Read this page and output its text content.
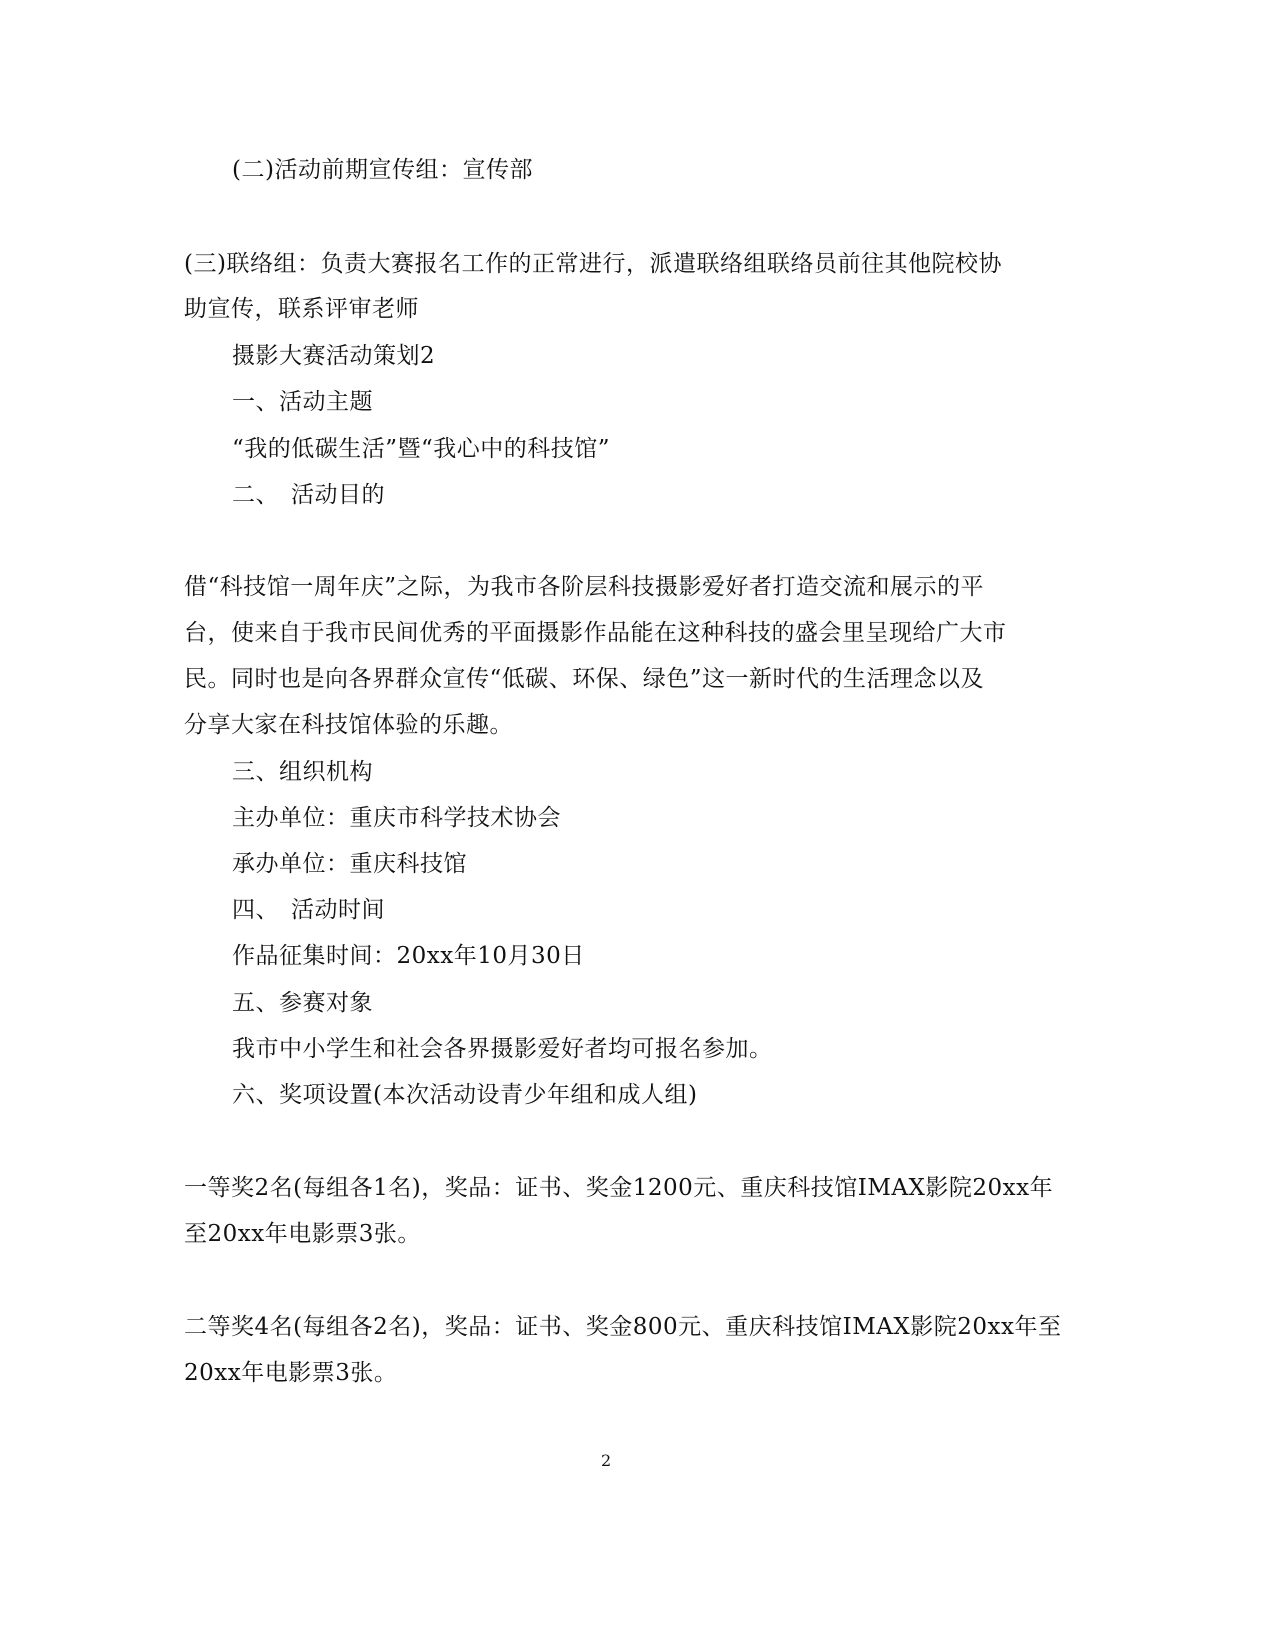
(二)活动前期宣传组：宣传部
(三)联络组：负责大赛报名工作的正常进行，派遣联络组联络员前往其他院校协
助宣传，联系评审老师
摄影大赛活动策划2
一、活动主题
“我的低碳生活”暨“我心中的科技馆”
二、　活动目的
借“科技馆一周年庆”之际，为我市各阶层科技摄影爱好者打造交流和展示的平
台，使来自于我市民间优秀的平面摄影作品能在这种科技的盛会里呈现给广大市
民。同时也是向各界群众宣传“低碳、环保、绿色”这一新时代的生活理念以及
分享大家在科技馆体验的乐趣。
三、组织机构
主办单位：重庆市科学技术协会
承办单位：重庆科技馆
四、　活动时间
作品征集时间：20xx年10月30日
五、参赛对象
我市中小学生和社会各界摄影爱好者均可报名参加。
六、奖项设置(本次活动设青少年组和成人组)
一等奖2名(每组各1名)，奖品：证书、奖金1200元、重庆科技馆IMAX影院20xx年
至20xx年电影票3张。
二等奖4名(每组各2名)，奖品：证书、奖金800元、重庆科技馆IMAX影院20xx年至
20xx年电影票3张。
2
